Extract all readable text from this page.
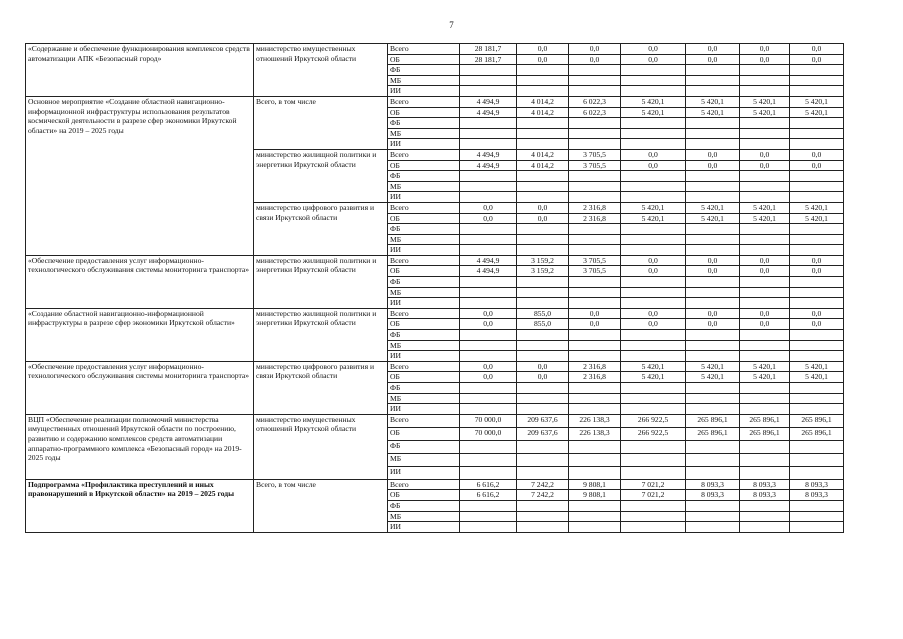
7
«Содержание и обеспечение функционирования комплексов средств автоматизации АПК «Безопасный город»	министерство имущественных отношений Иркутской области	Всего	28 181,7	0,0	0,0	0,0	0,0	0,0	0,0
		ОБ	28 181,7	0,0	0,0	0,0	0,0	0,0	0,0
		ФБ							
		МБ							
		ИИ							
Основное мероприятие «Создание областной навигационно-информационной инфраструктуры использования результатов космической деятельности в разрезе сфер экономики Иркутской области» на 2019 – 2025 годы	Всего, в том числе	Всего	4 494,9	4 014,2	6 022,3	5 420,1	5 420,1	5 420,1	5 420,1
		ОБ	4 494,9	4 014,2	6 022,3	5 420,1	5 420,1	5 420,1	5 420,1
		ФБ							
		МБ							
		ИИ							
	министерство жилищной политики и энергетики Иркутской области	Всего	4 494,9	4 014,2	3 705,5	0,0	0,0	0,0	0,0
		ОБ	4 494,9	4 014,2	3 705,5	0,0	0,0	0,0	0,0
		ФБ							
		МБ							
		ИИ							
	министерство цифрового развития и связи Иркутской области	Всего	0,0	0,0	2 316,8	5 420,1	5 420,1	5 420,1	5 420,1
		ОБ	0,0	0,0	2 316,8	5 420,1	5 420,1	5 420,1	5 420,1
		ФБ							
		МБ							
		ИИ							
«Обеспечение предоставления услуг информационно-технологического обслуживания системы мониторинга транспорта»	министерство жилищной политики и энергетики Иркутской области	Всего	4 494,9	3 159,2	3 705,5	0,0	0,0	0,0	0,0
		ОБ	4 494,9	3 159,2	3 705,5	0,0	0,0	0,0	0,0
		ФБ							
		МБ							
		ИИ							
«Создание областной навигационно-информационной инфраструктуры в разрезе сфер экономики Иркутской области»	министерство жилищной политики и энергетики Иркутской области	Всего	0,0	855,0	0,0	0,0	0,0	0,0	0,0
		ОБ	0,0	855,0	0,0	0,0	0,0	0,0	0,0
		ФБ							
		МБ							
		ИИ							
«Обеспечение предоставления услуг информационно-технологического обслуживания системы мониторинга транспорта»	министерство цифрового развития и связи Иркутской области	Всего	0,0	0,0	2 316,8	5 420,1	5 420,1	5 420,1	5 420,1
		ОБ	0,0	0,0	2 316,8	5 420,1	5 420,1	5 420,1	5 420,1
		ФБ							
		МБ							
		ИИ							
ВЦП «Обеспечение реализации полномочий министерства имущественных отношений Иркутской области по построению, развитию и содержанию комплексов средств автоматизации аппаратно-программного комплекса «Безопасный город» на 2019-2025 годы	министерство имущественных отношений Иркутской области	Всего	70 000,0	209 637,6	226 138,3	266 922,5	265 896,1	265 896,1	265 896,1
		ОБ	70 000,0	209 637,6	226 138,3	266 922,5	265 896,1	265 896,1	265 896,1
		ФБ							
		МБ							
		ИИ							
Подпрограмма «Профилактика преступлений и иных правонарушений в Иркутской области» на 2019 – 2025 годы	Всего, в том числе	Всего	6 616,2	7 242,2	9 808,1	7 021,2	8 093,3	8 093,3	8 093,3
		ОБ	6 616,2	7 242,2	9 808,1	7 021,2	8 093,3	8 093,3	8 093,3
		ФБ							
		МБ							
		ИИ							
